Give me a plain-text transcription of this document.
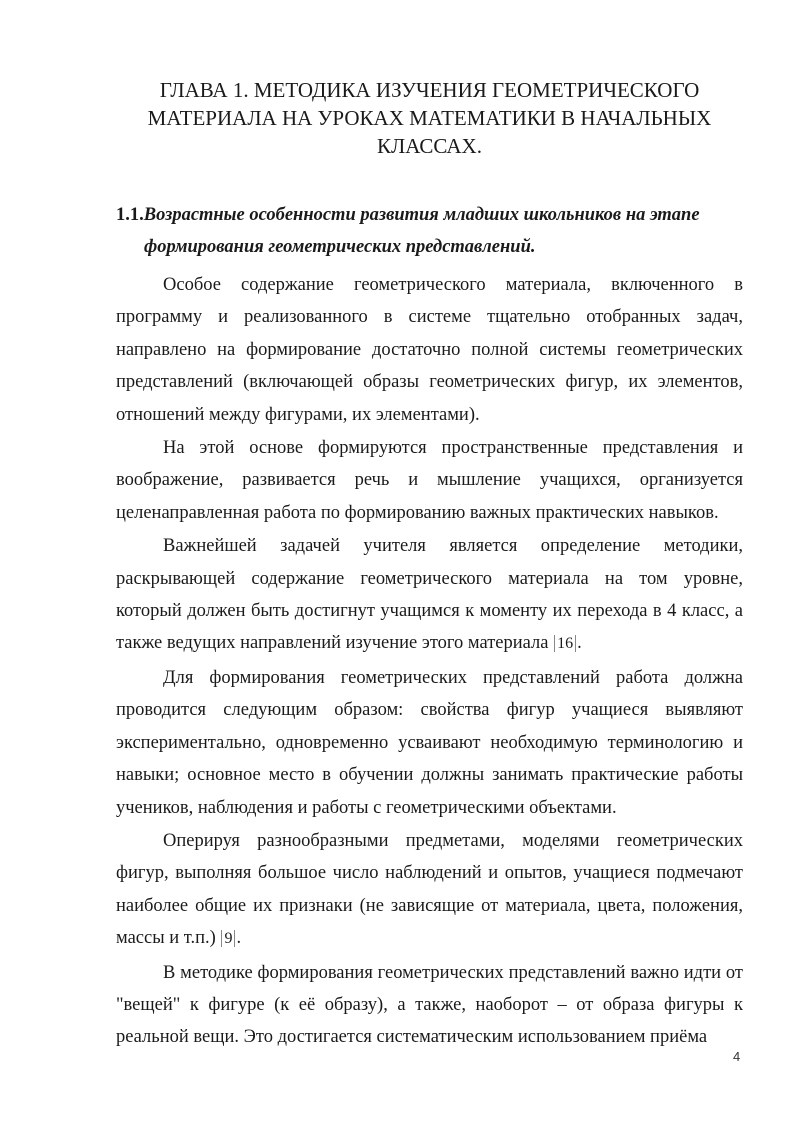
ГЛАВА 1. МЕТОДИКА ИЗУЧЕНИЯ ГЕОМЕТРИЧЕСКОГО МАТЕРИАЛА НА УРОКАХ МАТЕМАТИКИ В НАЧАЛЬНЫХ КЛАССАХ.
1.1.Возрастные особенности развития младших школьников на этапе формирования геометрических представлений.

Особое содержание геометрического материала, включенного в программу и реализованного в системе тщательно отобранных задач, направлено на формирование достаточно полной системы геометрических представлений (включающей образы геометрических фигур, их элементов, отношений между фигурами, их элементами).

На этой основе формируются пространственные представления и воображение, развивается речь и мышление учащихся, организуется целенаправленная работа по формированию важных практических навыков.

Важнейшей задачей учителя является определение методики, раскрывающей содержание геометрического материала на том уровне, который должен быть достигнут учащимся к моменту их перехода в 4 класс, а также ведущих направлений изучение этого материала 16 .

Для формирования геометрических представлений работа должна проводится следующим образом: свойства фигур учащиеся выявляют экспериментально, одновременно усваивают необходимую терминологию и навыки; основное место в обучении должны занимать практические работы учеников, наблюдения и работы с геометрическими объектами.

Оперируя разнообразными предметами, моделями геометрических фигур, выполняя большое число наблюдений и опытов, учащиеся подмечают наиболее общие их признаки (не зависящие от материала, цвета, положения, массы и т.п.) 9 .

В методике формирования геометрических представлений важно идти от "вещей" к фигуре (к её образу), а также, наоборот – от образа фигуры к реальной вещи. Это достигается систематическим использованием приёма

4
